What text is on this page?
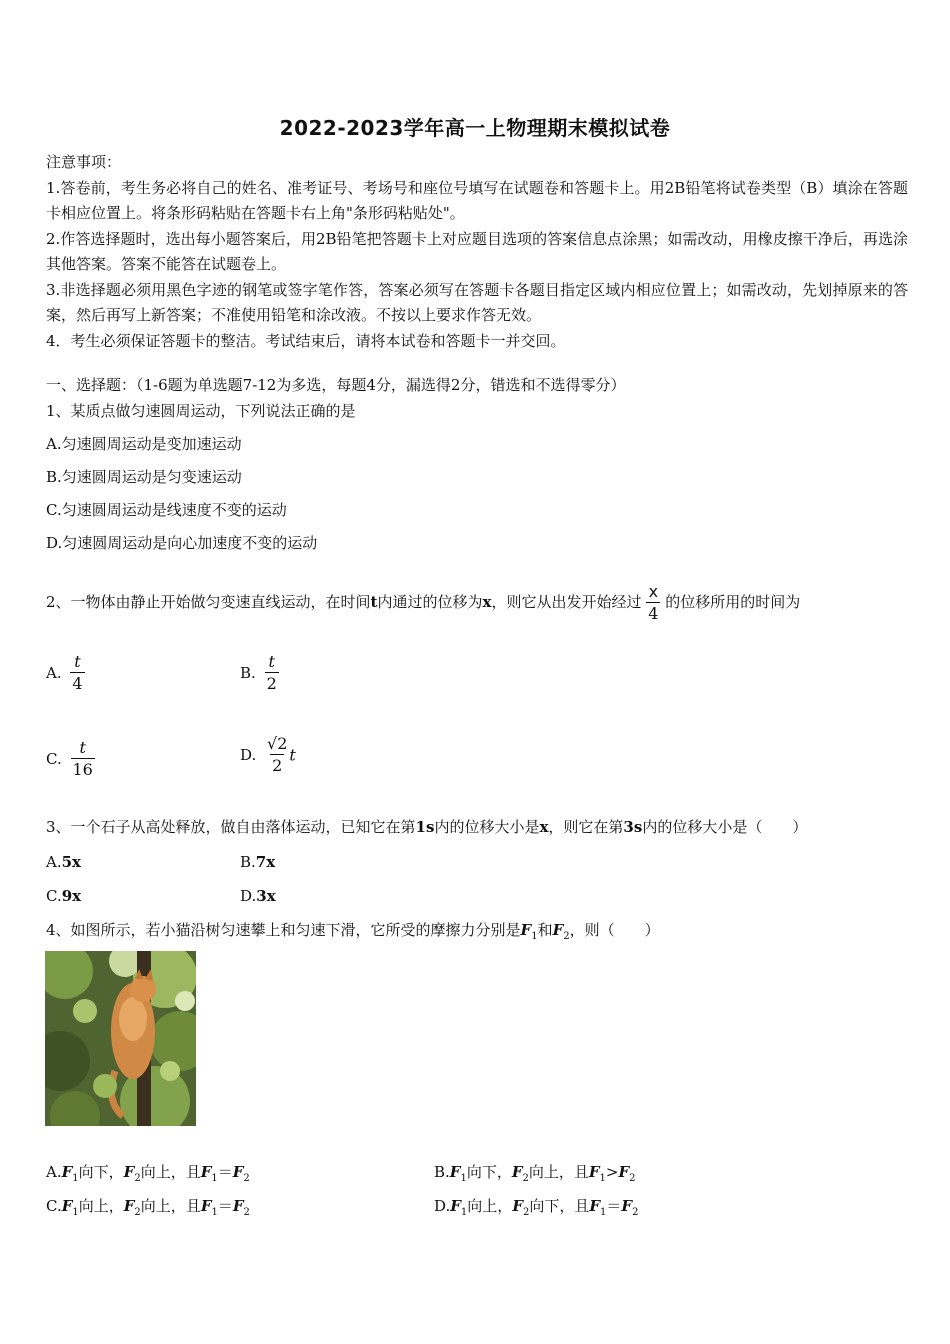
2022-2023学年高一上物理期末模拟试卷

注意事项：

1.答卷前，考生务必将自己的姓名、准考证号、考场号和座位号填写在试题卷和答题卡上。用2B铅笔将试卷类型（B）填涂在答题卡相应位置上。将条形码粘贴在答题卡右上角"条形码粘贴处"。

2.作答选择题时，选出每小题答案后，用2B铅笔把答题卡上对应题目选项的答案信息点涂黑；如需改动，用橡皮擦干净后，再选涂其他答案。答案不能答在试题卷上。

3.非选择题必须用黑色字迹的钢笔或签字笔作答，答案必须写在答题卡各题目指定区域内相应位置上；如需改动，先划掉原来的答案，然后再写上新答案；不准使用铅笔和涂改液。不按以上要求作答无效。

4．考生必须保证答题卡的整洁。考试结束后，请将本试卷和答题卡一并交回。

一、选择题：（1-6题为单选题7-12为多选，每题4分，漏选得2分，错选和不选得零分）
1、某质点做匀速圆周运动，下列说法正确的是
A.匀速圆周运动是变加速运动
B.匀速圆周运动是匀变速运动
C.匀速圆周运动是线速度不变的运动
D.匀速圆周运动是向心加速度不变的运动
2、一物体由静止开始做匀变速直线运动，在时间t内通过的位移为x，则它从出发开始经过 $\frac{x}{4}$ 的位移所用的时间为
A. $\frac{t}{4}$	B. $\frac{t}{2}$
C. $\frac{t}{16}$	D. $\frac{√2}{2}$ t
3、一个石子从高处释放，做自由落体运动，已知它在第1s内的位移大小是x，则它在第3s内的位移大小是（　　）
A.5x	B.7x
C.9x	D.3x
4、如图所示，若小猫沿树匀速攀上和匀速下滑，它所受的摩擦力分别是$F_1$和$F_2$，则（　　）
$A.F_1$向下，$F_2$向上，且$F_1=F_2$	$B.F_1$向下，$F_2$向上，且$F_1>F_2$
$C.F_1$向上，$F_2$向上，且$F_1=F_2$	$D.F_1$向上，$F_2$向下，且$F_1=F_2$
